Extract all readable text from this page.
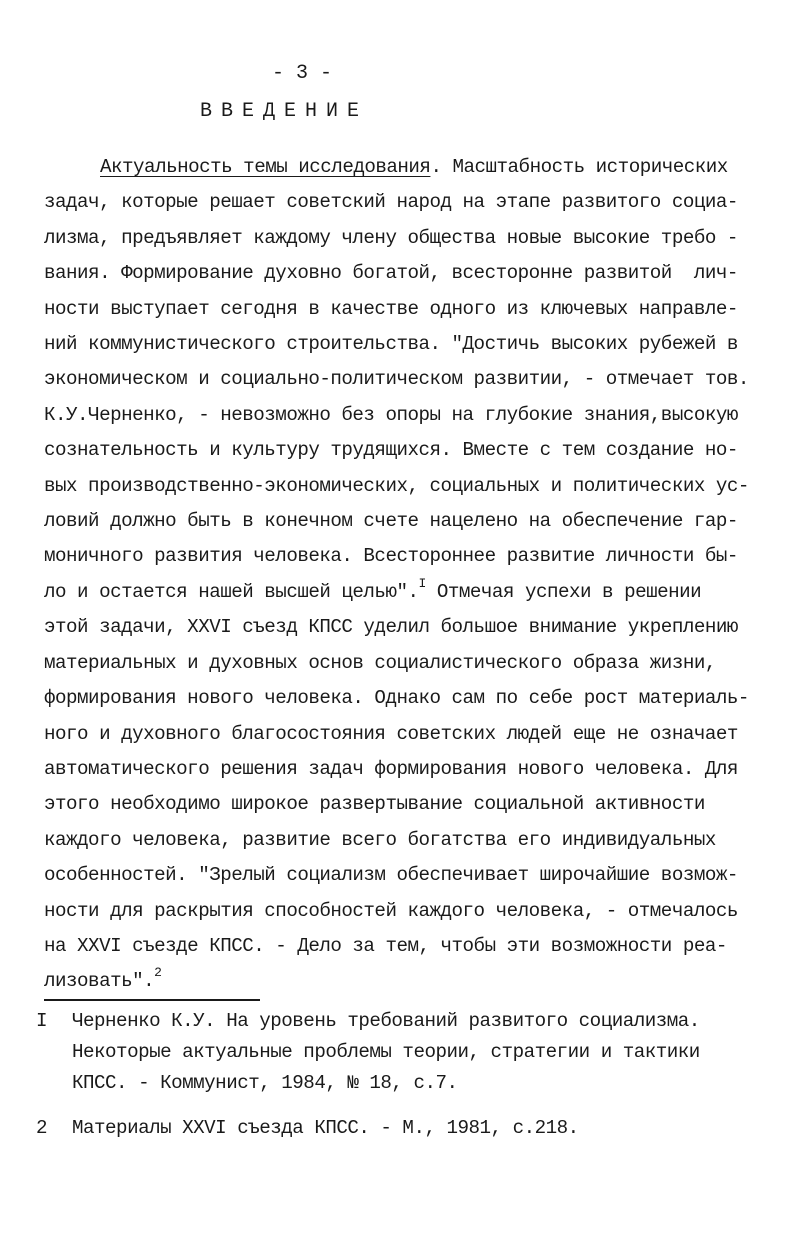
- 3 -
ВВЕДЕНИЕ
Актуальность темы исследования. Масштабность исторических
задач, которые решает советский народ на этапе развитого социа-
лизма, предъявляет каждому члену общества новые высокие требо -
вания. Формирование духовно богатой, всесторонне развитой  лич-
ности выступает сегодня в качестве одного из ключевых направле-
ний коммунистического строительства. "Достичь высоких рубежей в
экономическом и социально-политическом развитии, - отмечает тов.
К.У.Черненко, - невозможно без опоры на глубокие знания,высокую
сознательность и культуру трудящихся. Вместе с тем создание но-
вых производственно-экономических, социальных и политических ус-
ловий должно быть в конечном счете нацелено на обеспечение гар-
моничного развития человека. Всестороннее развитие личности бы-
ло и остается нашей высшей целью".$^I$ Отмечая успехи в решении
этой задачи, XXVI съезд КПСС уделил большое внимание укреплению
материальных и духовных основ социалистического образа жизни,
формирования нового человека. Однако сам по себе рост материаль-
ного и духовного благосостояния советских людей еще не означает
автоматического решения задач формирования нового человека. Для
этого необходимо широкое развертывание социальной активности
каждого человека, развитие всего богатства его индивидуальных
особенностей. "Зрелый социализм обеспечивает широчайшие возмож-
ности для раскрытия способностей каждого человека, - отмечалось
на XXVI съезде КПСС. - Дело за тем, чтобы эти возможности реа-
лизовать".$^2$
I	Черненко К.У. На уровень требований развитого социализма.
Некоторые актуальные проблемы теории, стратегии и тактики
КПСС. - Коммунист, 1984, № 18, с.7.
2	Материалы XXVI съезда КПСС. - М., 1981, с.218.
